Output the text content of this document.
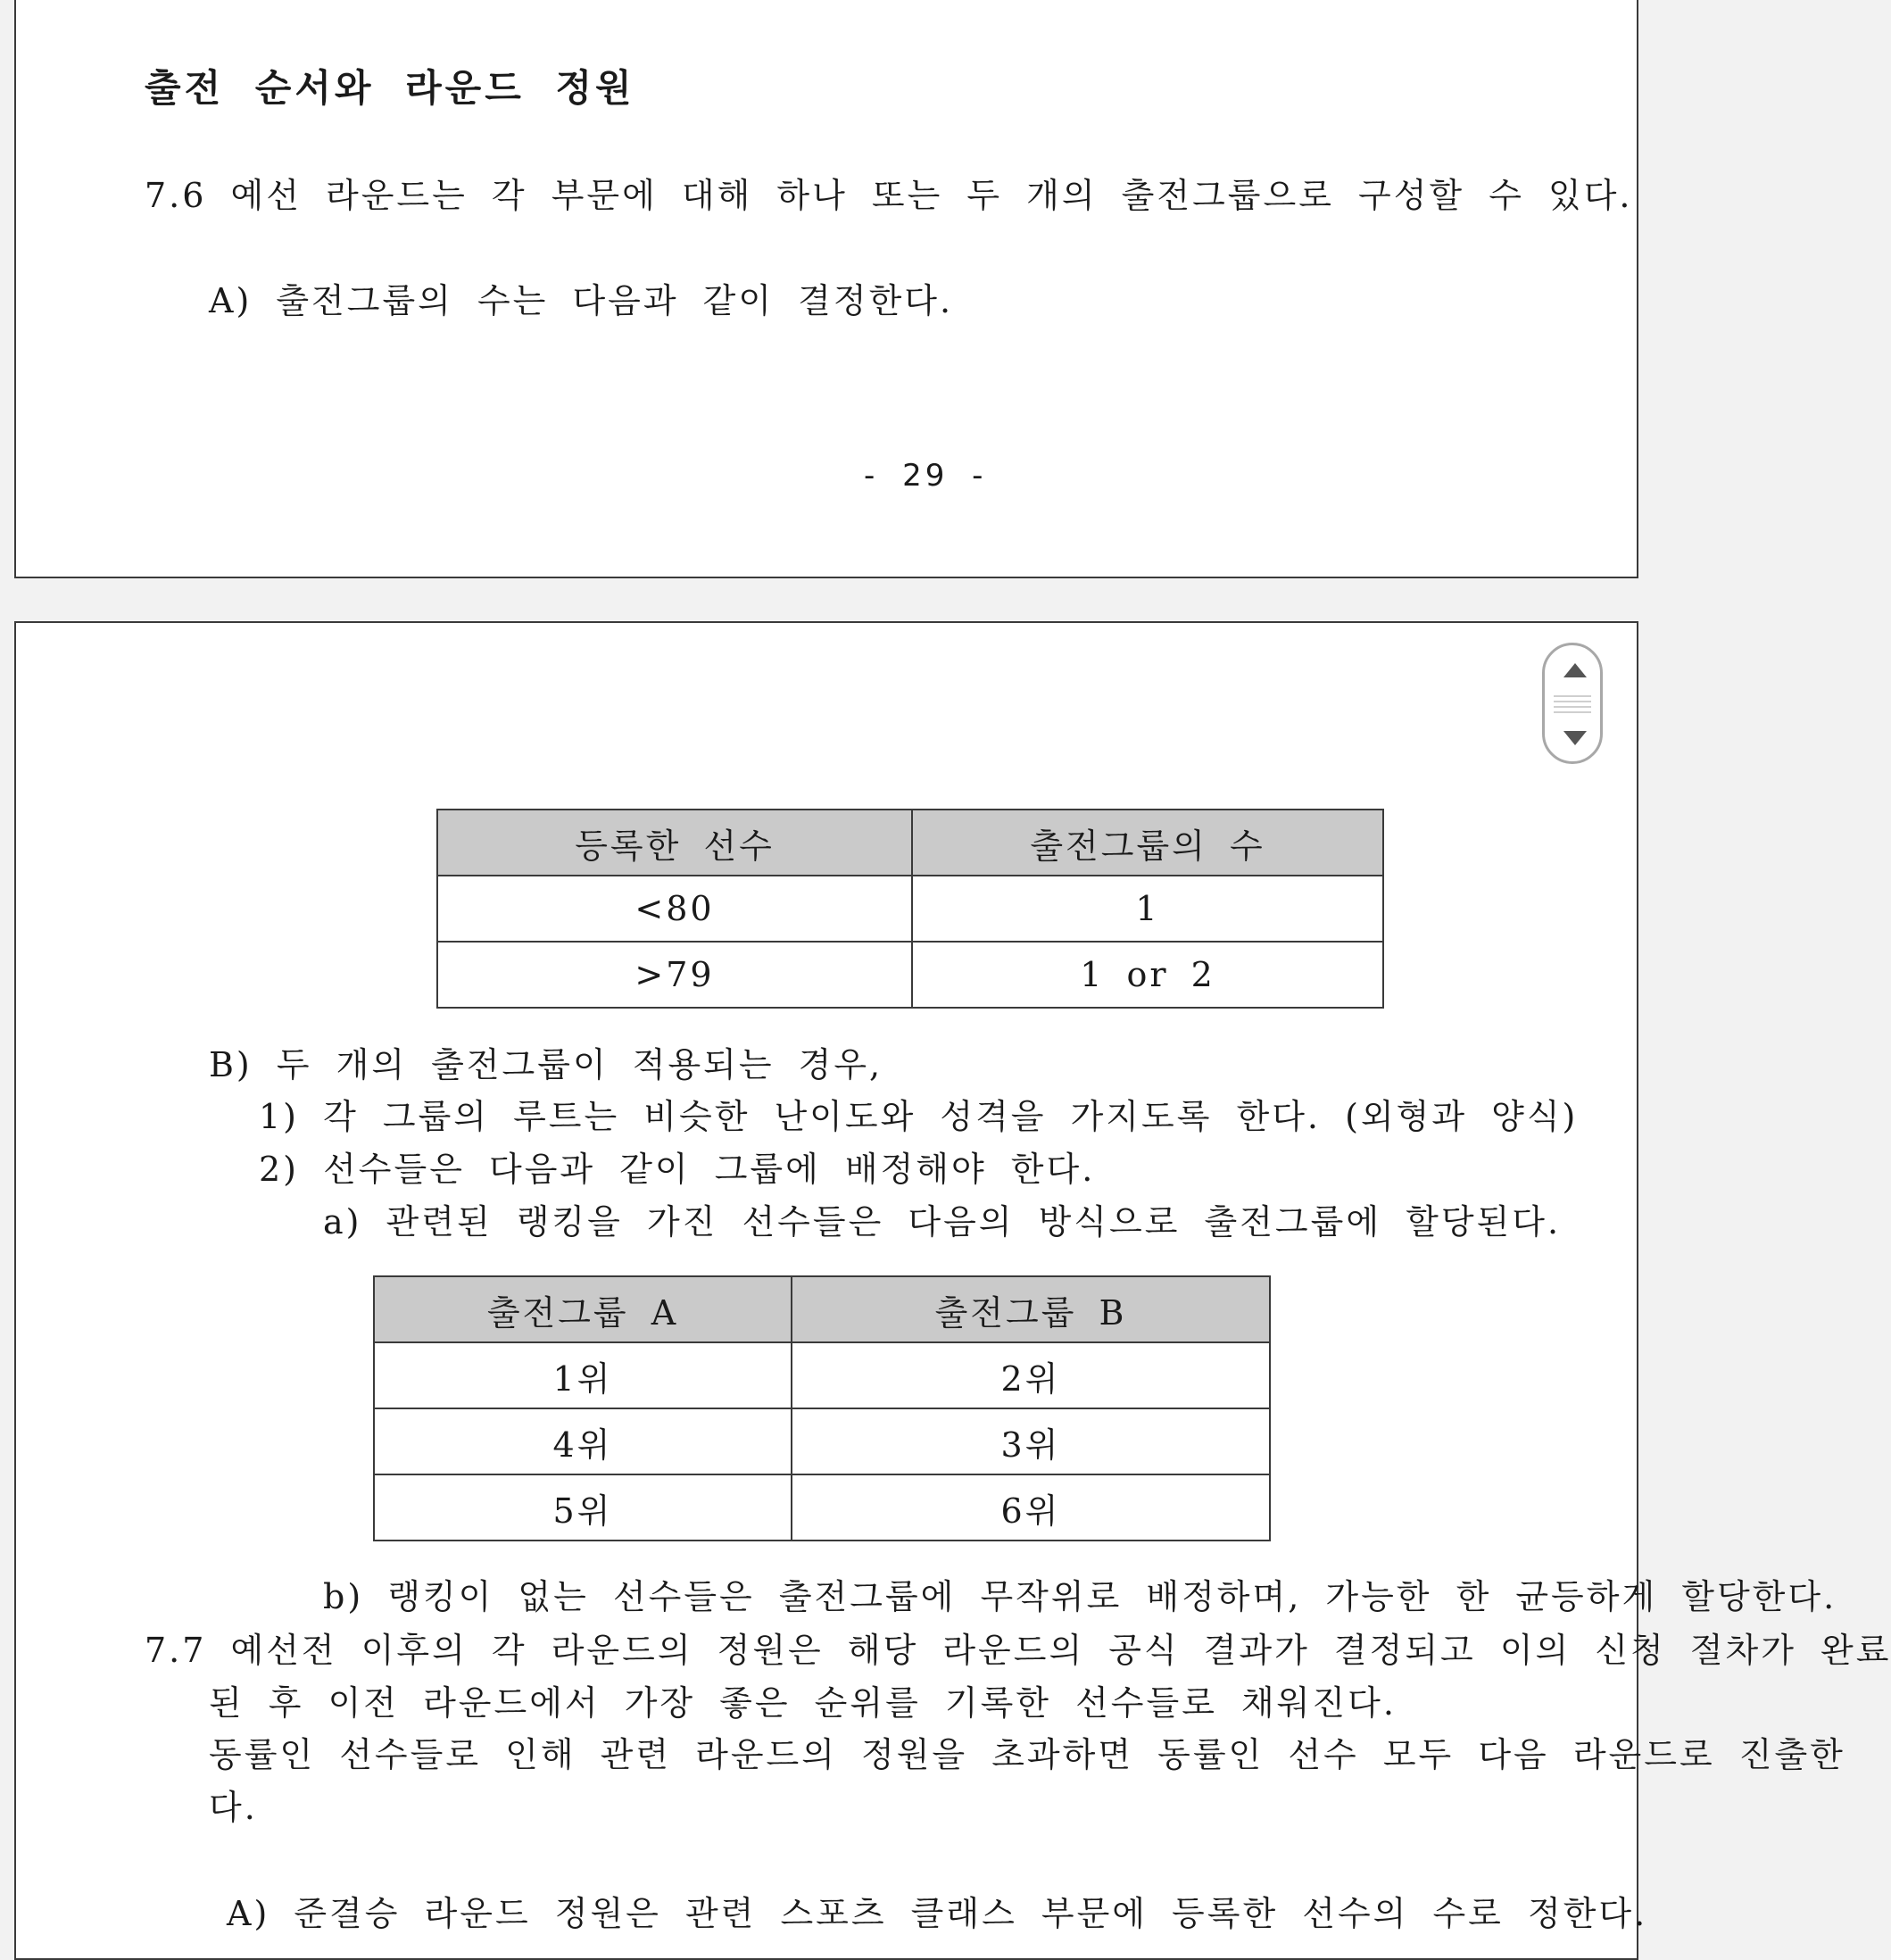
출전 순서와 라운드 정원
7.6 예선 라운드는 각 부문에 대해 하나 또는 두 개의 출전그룹으로 구성할 수 있다.
A) 출전그룹의 수는 다음과 같이 결정한다.
- 29 -
등록한 선수	출전그룹의 수
<80	1
>79	1 or 2
B) 두 개의 출전그룹이 적용되는 경우,
1) 각 그룹의 루트는 비슷한 난이도와 성격을 가지도록 한다. (외형과 양식)
2) 선수들은 다음과 같이 그룹에 배정해야 한다.
a) 관련된 랭킹을 가진 선수들은 다음의 방식으로 출전그룹에 할당된다.
출전그룹 A	출전그룹 B
1위	2위
4위	3위
5위	6위
b) 랭킹이 없는 선수들은 출전그룹에 무작위로 배정하며, 가능한 한 균등하게 할당한다.
7.7 예선전 이후의 각 라운드의 정원은 해당 라운드의 공식 결과가 결정되고 이의 신청 절차가 완료
된 후 이전 라운드에서 가장 좋은 순위를 기록한 선수들로 채워진다.
동률인 선수들로 인해 관련 라운드의 정원을 초과하면 동률인 선수 모두 다음 라운드로 진출한
다.
A) 준결승 라운드 정원은 관련 스포츠 클래스 부문에 등록한 선수의 수로 정한다.
